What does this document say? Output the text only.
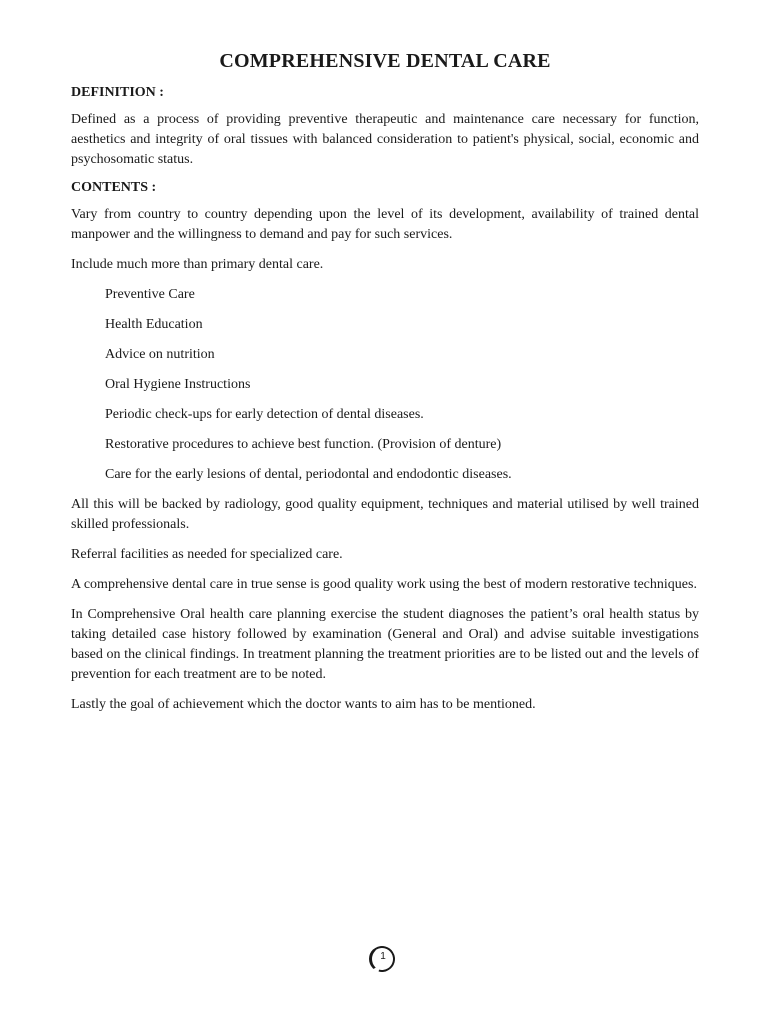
COMPREHENSIVE DENTAL CARE
DEFINITION :

Defined as a process of providing preventive therapeutic and maintenance care necessary for function, aesthetics and integrity of oral tissues with balanced consideration to patient's physical, social, economic and psychosomatic status.

CONTENTS :

Vary from country to country depending upon the level of its development, availability of trained dental manpower and the willingness to demand and pay for such services.

Include much more than primary dental care.

Preventive Care
Health Education
Advice on nutrition
Oral Hygiene Instructions
Periodic check-ups for early detection of dental diseases.
Restorative procedures to achieve best function. (Provision of denture)
Care for the early lesions of dental, periodontal and endodontic diseases.

All this will be backed by radiology, good quality equipment, techniques and material utilised by well trained skilled professionals.

Referral facilities as needed for specialized care.

A comprehensive dental care in true sense is good quality work using the best of modern restorative techniques.

In Comprehensive Oral health care planning exercise the student diagnoses the patient’s oral health status by taking detailed case history followed by examination (General and Oral) and advise suitable investigations based on the clinical findings. In treatment planning the treatment priorities are to be listed out and the levels of prevention for each treatment are to be noted.

Lastly the goal of achievement which the doctor wants to aim has to be mentioned.

1
